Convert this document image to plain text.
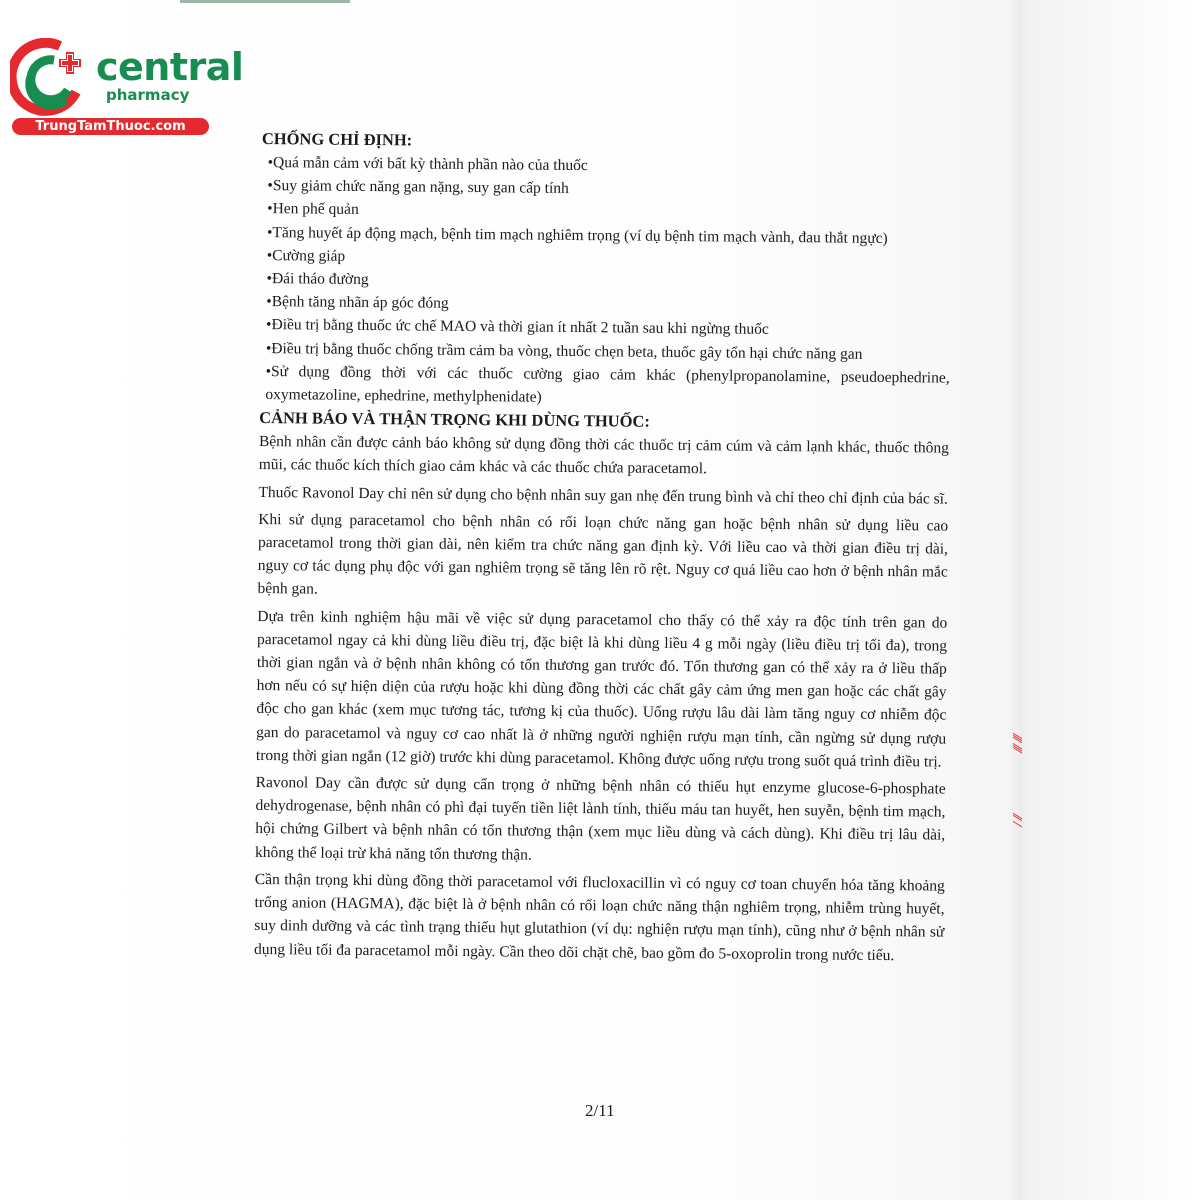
central
pharmacy
TrungTamThuoc.com
CHỐNG CHỈ ĐỊNH:
• Quá mẫn cảm với bất kỳ thành phần nào của thuốc
• Suy giảm chức năng gan nặng, suy gan cấp tính
• Hen phế quản
• Tăng huyết áp động mạch, bệnh tim mạch nghiêm trọng (ví dụ bệnh tim mạch vành, đau thắt ngực)
• Cường giáp
• Đái tháo đường
• Bệnh tăng nhãn áp góc đóng
• Điều trị bằng thuốc ức chế MAO và thời gian ít nhất 2 tuần sau khi ngừng thuốc
• Điều trị bằng thuốc chống trầm cảm ba vòng, thuốc chẹn beta, thuốc gây tổn hại chức năng gan
• Sử dụng đồng thời với các thuốc cường giao cảm khác (phenylpropanolamine, pseudoephedrine, oxymetazoline, ephedrine, methylphenidate)
CẢNH BÁO VÀ THẬN TRỌNG KHI DÙNG THUỐC:

Bệnh nhân cần được cảnh báo không sử dụng đồng thời các thuốc trị cảm cúm và cảm lạnh khác, thuốc thông mũi, các thuốc kích thích giao cảm khác và các thuốc chứa paracetamol.

Thuốc Ravonol Day chỉ nên sử dụng cho bệnh nhân suy gan nhẹ đến trung bình và chỉ theo chỉ định của bác sĩ.

Khi sử dụng paracetamol cho bệnh nhân có rối loạn chức năng gan hoặc bệnh nhân sử dụng liều cao paracetamol trong thời gian dài, nên kiểm tra chức năng gan định kỳ. Với liều cao và thời gian điều trị dài, nguy cơ tác dụng phụ độc với gan nghiêm trọng sẽ tăng lên rõ rệt. Nguy cơ quá liều cao hơn ở bệnh nhân mắc bệnh gan.

Dựa trên kinh nghiệm hậu mãi về việc sử dụng paracetamol cho thấy có thể xảy ra độc tính trên gan do paracetamol ngay cả khi dùng liều điều trị, đặc biệt là khi dùng liều 4 g mỗi ngày (liều điều trị tối đa), trong thời gian ngắn và ở bệnh nhân không có tổn thương gan trước đó. Tổn thương gan có thể xảy ra ở liều thấp hơn nếu có sự hiện diện của rượu hoặc khi dùng đồng thời các chất gây cảm ứng men gan hoặc các chất gây độc cho gan khác (xem mục tương tác, tương kị của thuốc). Uống rượu lâu dài làm tăng nguy cơ nhiễm độc gan do paracetamol và nguy cơ cao nhất là ở những người nghiện rượu mạn tính, cần ngừng sử dụng rượu trong thời gian ngắn (12 giờ) trước khi dùng paracetamol. Không được uống rượu trong suốt quá trình điều trị.

Ravonol Day cần được sử dụng cẩn trọng ở những bệnh nhân có thiếu hụt enzyme glucose-6-phosphate dehydrogenase, bệnh nhân có phì đại tuyến tiền liệt lành tính, thiếu máu tan huyết, hen suyễn, bệnh tim mạch, hội chứng Gilbert và bệnh nhân có tổn thương thận (xem mục liều dùng và cách dùng). Khi điều trị lâu dài, không thể loại trừ khả năng tổn thương thận.

Cần thận trọng khi dùng đồng thời paracetamol với flucloxacillin vì có nguy cơ toan chuyển hóa tăng khoảng trống anion (HAGMA), đặc biệt là ở bệnh nhân có rối loạn chức năng thận nghiêm trọng, nhiễm trùng huyết, suy dinh dưỡng và các tình trạng thiếu hụt glutathion (ví dụ: nghiện rượu mạn tính), cũng như ở bệnh nhân sử dụng liều tối đa paracetamol mỗi ngày. Cần theo dõi chặt chẽ, bao gồm đo 5-oxoprolin trong nước tiểu.

2/11
⁄⁄⁄ ⁄⁄⁄
⁄⁄ ⁄
